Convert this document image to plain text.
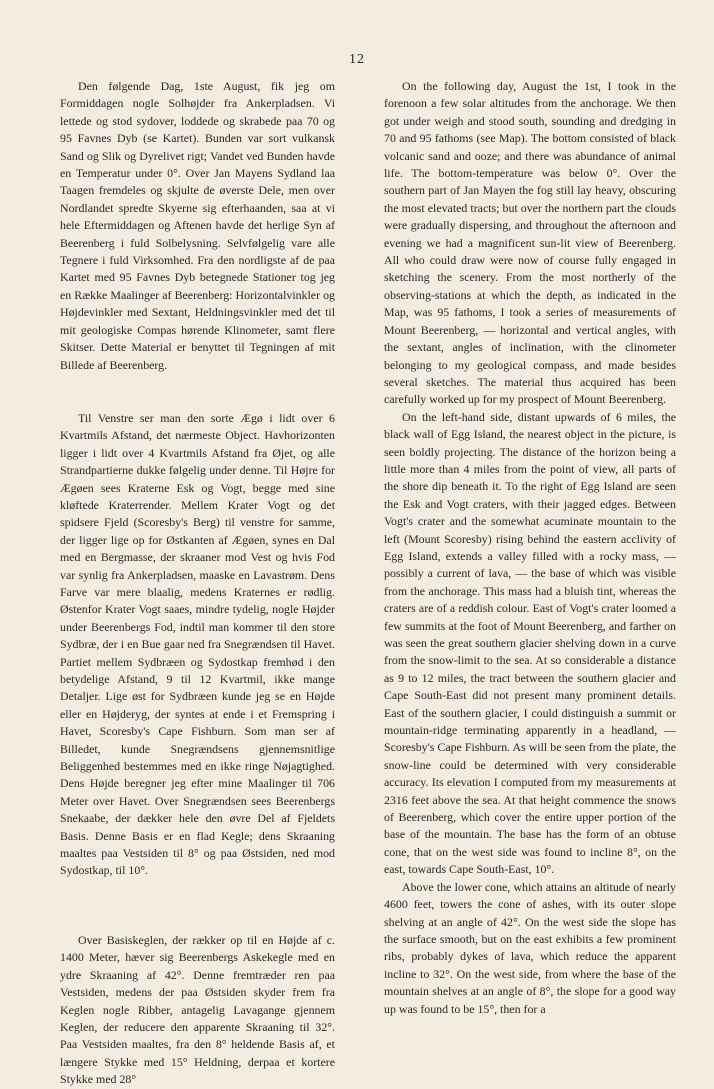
12

Den følgende Dag, 1ste August, fik jeg om Formiddagen nogle Solhøjder fra Ankerpladsen. Vi lettede og stod sydover, loddede og skrabede paa 70 og 95 Favnes Dyb (se Kartet). Bunden var sort vulkansk Sand og Slik og Dyrelivet rigt; Vandet ved Bunden havde en Temperatur under 0°. Over Jan Mayens Sydland laa Taagen fremdeles og skjulte de øverste Dele, men over Nordlandet spredte Skyerne sig efterhaanden, saa at vi hele Eftermiddagen og Aftenen havde det herlige Syn af Beerenberg i fuld Solbelysning. Selvfølgelig vare alle Tegnere i fuld Virksomhed. Fra den nordligste af de paa Kartet med 95 Favnes Dyb betegnede Stationer tog jeg en Række Maalinger af Beerenberg: Horizontalvinkler og Højdevinkler med Sextant, Heldningsvinkler med det til mit geologiske Compas hørende Klinometer, samt flere Skitser. Dette Material er benyttet til Tegningen af mit Billede af Beerenberg.

Til Venstre ser man den sorte Ægø i lidt over 6 Kvartmils Afstand, det nærmeste Object. Havhorizonten ligger i lidt over 4 Kvartmils Afstand fra Øjet, og alle Strandpartierne dukke følgelig under denne. Til Højre for Ægøen sees Kraterne Esk og Vogt, begge med sine kløftede Kraterrender. Mellem Krater Vogt og det spidsere Fjeld (Scoresby's Berg) til venstre for samme, der ligger lige op for Østkanten af Ægøen, synes en Dal med en Bergmasse, der skraaner mod Vest og hvis Fod var synlig fra Ankerpladsen, maaske en Lavastrøm. Dens Farve var mere blaalig, medens Kraternes er rødlig. Østenfor Krater Vogt saaes, mindre tydelig, nogle Højder under Beerenbergs Fod, indtil man kommer til den store Sydbræ, der i en Bue gaar ned fra Snegrændsen til Havet. Partiet mellem Sydbræen og Sydostkap fremhød i den betydelige Afstand, 9 til 12 Kvartmil, ikke mange Detaljer. Lige øst for Sydbræen kunde jeg se en Højde eller en Højderyg, der syntes at ende i et Fremspring i Havet, Scoresby's Cape Fishburn. Som man ser af Billedet, kunde Snegrændsens gjennemsnitlige Beliggenhed bestemmes med en ikke ringe Nøjagtighed. Dens Højde beregner jeg efter mine Maalinger til 706 Meter over Havet. Over Snegrændsen sees Beerenbergs Snekaabe, der dækker hele den øvre Del af Fjeldets Basis. Denne Basis er en flad Kegle; dens Skraaning maaltes paa Vestsiden til 8° og paa Østsiden, ned mod Sydostkap, til 10°.

Over Basiskeglen, der rækker op til en Højde af c. 1400 Meter, hæver sig Beerenbergs Askekegle med en ydre Skraaning af 42°. Denne fremtræder ren paa Vestsiden, medens der paa Østsiden skyder frem fra Keglen nogle Ribber, antagelig Lavagange gjennem Keglen, der reducere den apparente Skraaning til 32°. Paa Vestsiden maaltes, fra den 8° heldende Basis af, et længere Stykke med 15° Heldning, derpaa et kortere Stykke med 28°

On the following day, August the 1st, I took in the forenoon a few solar altitudes from the anchorage. We then got under weigh and stood south, sounding and dredging in 70 and 95 fathoms (see Map). The bottom consisted of black volcanic sand and ooze; and there was abundance of animal life. The bottom-temperature was below 0°. Over the southern part of Jan Mayen the fog still lay heavy, obscuring the most elevated tracts; but over the northern part the clouds were gradually dispersing, and throughout the afternoon and evening we had a magnificent sun-lit view of Beerenberg. All who could draw were now of course fully engaged in sketching the scenery. From the most northerly of the observing-stations at which the depth, as indicated in the Map, was 95 fathoms, I took a series of measurements of Mount Beerenberg, — horizontal and vertical angles, with the sextant, angles of inclination, with the clinometer belonging to my geological compass, and made besides several sketches. The material thus acquired has been carefully worked up for my prospect of Mount Beerenberg.

On the left-hand side, distant upwards of 6 miles, the black wall of Egg Island, the nearest object in the picture, is seen boldly projecting. The distance of the horizon being a little more than 4 miles from the point of view, all parts of the shore dip beneath it. To the right of Egg Island are seen the Esk and Vogt craters, with their jagged edges. Between Vogt's crater and the somewhat acuminate mountain to the left (Mount Scoresby) rising behind the eastern acclivity of Egg Island, extends a valley filled with a rocky mass, — possibly a current of lava, — the base of which was visible from the anchorage. This mass had a bluish tint, whereas the craters are of a reddish colour. East of Vogt's crater loomed a few summits at the foot of Mount Beerenberg, and farther on was seen the great southern glacier shelving down in a curve from the snow-limit to the sea. At so considerable a distance as 9 to 12 miles, the tract between the southern glacier and Cape South-East did not present many prominent details. East of the southern glacier, I could distinguish a summit or mountain-ridge terminating apparently in a headland, — Scoresby's Cape Fishburn. As will be seen from the plate, the snow-line could be determined with very considerable accuracy. Its elevation I computed from my measurements at 2316 feet above the sea. At that height commence the snows of Beerenberg, which cover the entire upper portion of the base of the mountain. The base has the form of an obtuse cone, that on the west side was found to incline 8°, on the east, towards Cape South-East, 10°.

Above the lower cone, which attains an altitude of nearly 4600 feet, towers the cone of ashes, with its outer slope shelving at an angle of 42°. On the west side the slope has the surface smooth, but on the east exhibits a few prominent ribs, probably dykes of lava, which reduce the apparent incline to 32°. On the west side, from where the base of the mountain shelves at an angle of 8°, the slope for a good way up was found to be 15°, then for a
